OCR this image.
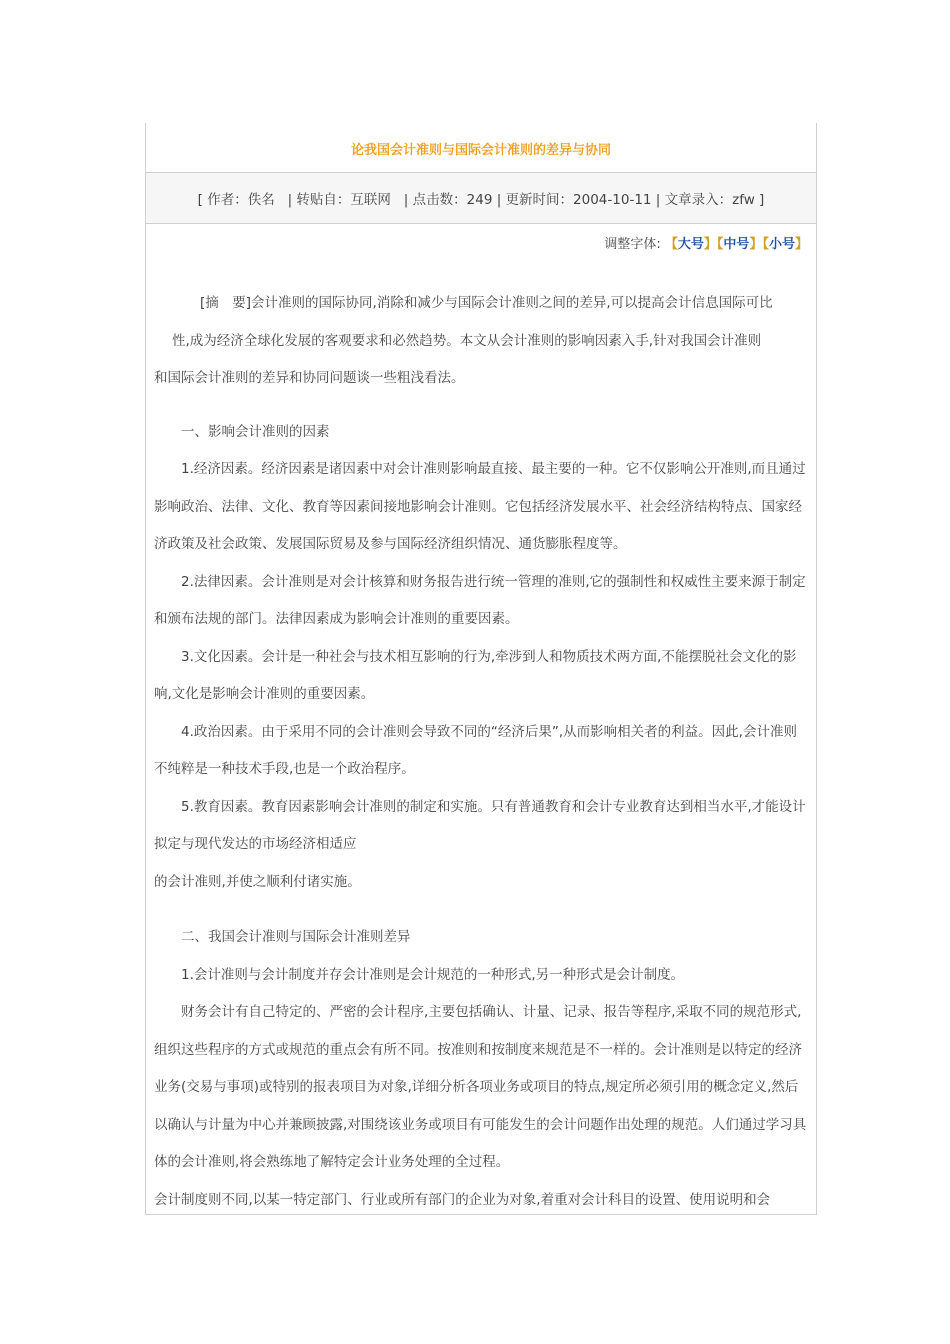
论我国会计准则与国际会计准则的差异与协同
[ 作者：佚名   | 转贴自：互联网   | 点击数：249 | 更新时间：2004-10-11 | 文章录入：zfw ]
调整字体: 【大号】【中号】【小号】

[摘　要]会计准则的国际协同,消除和减少与国际会计准则之间的差异,可以提高会计信息国际可比

性,成为经济全球化发展的客观要求和必然趋势。本文从会计准则的影响因素入手,针对我国会计准则

和国际会计准则的差异和协同问题谈一些粗浅看法。

一、影响会计准则的因素

1.经济因素。经济因素是诸因素中对会计准则影响最直接、最主要的一种。它不仅影响公开准则,而且通过影响政治、法律、文化、教育等因素间接地影响会计准则。它包括经济发展水平、社会经济结构特点、国家经济政策及社会政策、发展国际贸易及参与国际经济组织情况、通货膨胀程度等。

2.法律因素。会计准则是对会计核算和财务报告进行统一管理的准则,它的强制性和权威性主要来源于制定和颁布法规的部门。法律因素成为影响会计准则的重要因素。

3.文化因素。会计是一种社会与技术相互影响的行为,牵涉到人和物质技术两方面,不能摆脱社会文化的影响,文化是影响会计准则的重要因素。

4.政治因素。由于采用不同的会计准则会导致不同的“经济后果”,从而影响相关者的利益。因此,会计准则不纯粹是一种技术手段,也是一个政治程序。

5.教育因素。教育因素影响会计准则的制定和实施。只有普通教育和会计专业教育达到相当水平,才能设计拟定与现代发达的市场经济相适应

的会计准则,并使之顺利付诸实施。

二、我国会计准则与国际会计准则差异

1.会计准则与会计制度并存会计准则是会计规范的一种形式,另一种形式是会计制度。

财务会计有自己特定的、严密的会计程序,主要包括确认、计量、记录、报告等程序,采取不同的规范形式,组织这些程序的方式或规范的重点会有所不同。按准则和按制度来规范是不一样的。会计准则是以特定的经济业务(交易与事项)或特别的报表项目为对象,详细分析各项业务或项目的特点,规定所必须引用的概念定义,然后以确认与计量为中心并兼顾披露,对围绕该业务或项目有可能发生的会计问题作出处理的规范。人们通过学习具体的会计准则,将会熟练地了解特定会计业务处理的全过程。

会计制度则不同,以某一特定部门、行业或所有部门的企业为对象,着重对会计科目的设置、使用说明和会
